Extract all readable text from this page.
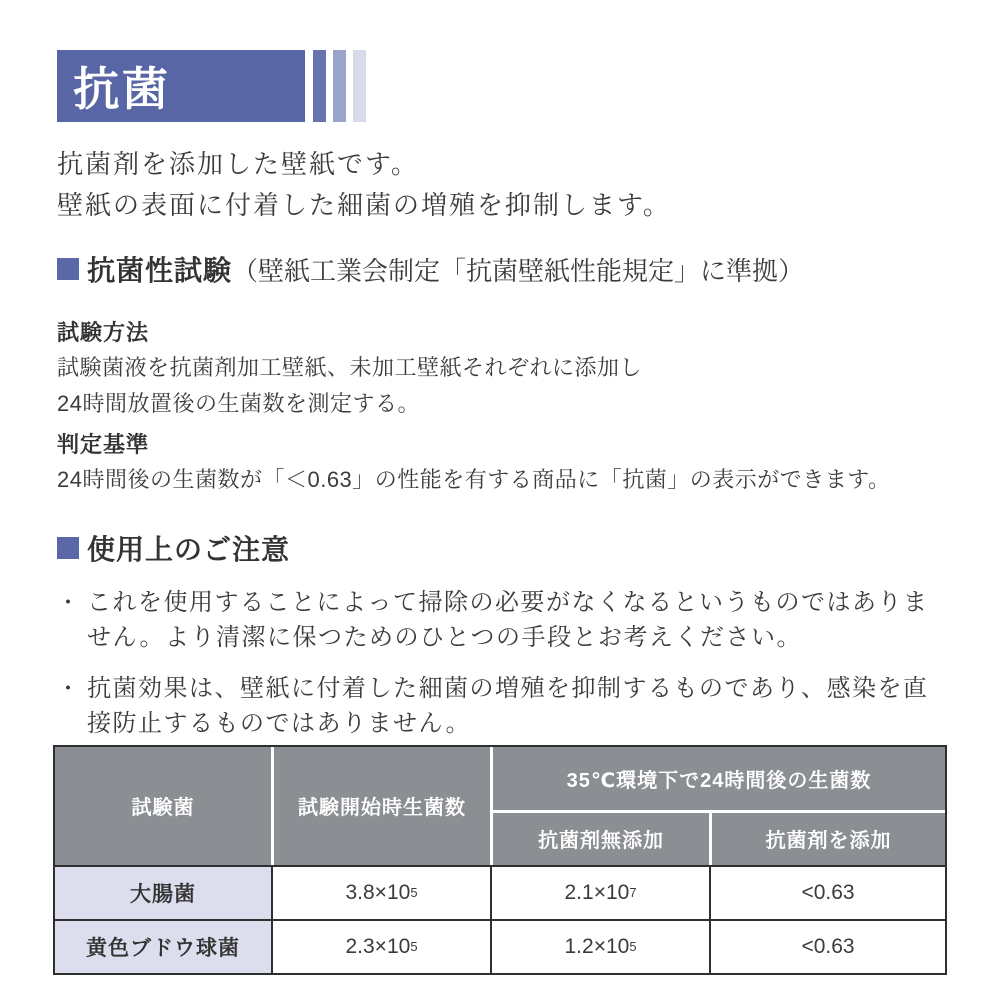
抗菌
抗菌剤を添加した壁紙です。
壁紙の表面に付着した細菌の増殖を抑制します。
抗菌性試験 （壁紙工業会制定「抗菌壁紙性能規定」に準拠）
試験方法
試験菌液を抗菌剤加工壁紙、未加工壁紙それぞれに添加し
24時間放置後の生菌数を測定する。
判定基準
24時間後の生菌数が「＜0.63」の性能を有する商品に「抗菌」の表示ができます。
使用上のご注意
・ これを使用することによって掃除の必要がなくなるというものではありません。より清潔に保つためのひとつの手段とお考えください。
・ 抗菌効果は、壁紙に付着した細菌の増殖を抑制するものであり、感染を直接防止するものではありません。
試験菌	試験開始時生菌数
35℃環境下で24時間後の生菌数
抗菌剤無添加	抗菌剤を添加
大腸菌	3.8×10 5	2.1×10 7	<0.63
黄色ブドウ球菌	2.3×10 5	1.2×10 5	<0.63
